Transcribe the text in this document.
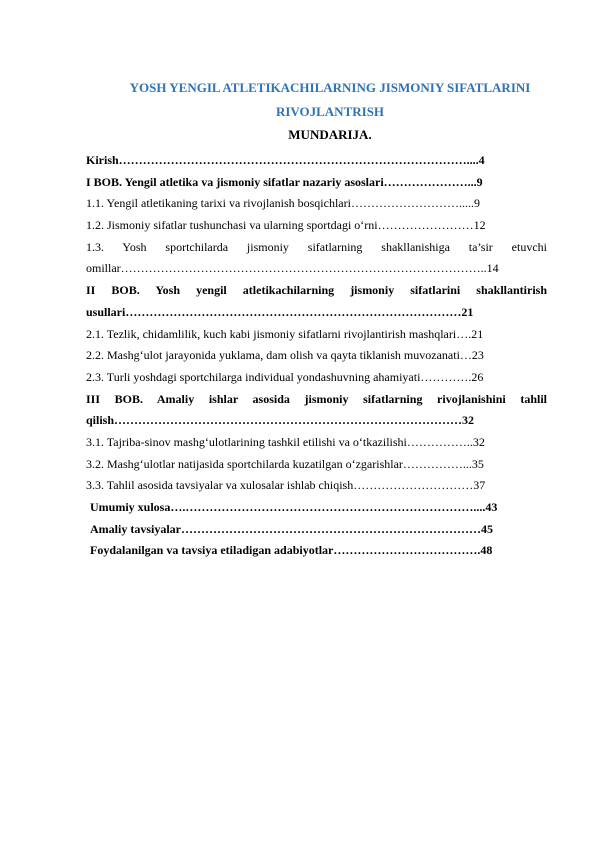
YOSH YENGIL ATLETIKACHILARNING JISMONIY SIFATLARINI
RIVOJLANTRISH
MUNDARIJA.
Kirish……………………………………………………………………………....4
I BOB. Yengil atletika va jismoniy sifatlar nazariy asoslari…………………...9
1.1. Yengil atletikaning tarixi va rivojlanish bosqichlari……………………….....9
1.2. Jismoniy sifatlar tushunchasi va ularning sportdagi o‘rni……………………12
1.3. Yosh sportchilarda jismoniy sifatlarning shakllanishiga ta’sir etuvchi
omillar………………………………………………………………………………..14
II BOB. Yosh yengil atletikachilarning jismoniy sifatlarini shakllantirish
usullari…………………………………………………………………………21
2.1. Tezlik, chidamlilik, kuch kabi jismoniy sifatlarni rivojlantirish mashqlari….21
2.2. Mashg‘ulot jarayonida yuklama, dam olish va qayta tiklanish muvozanati…23
2.3. Turli yoshdagi sportchilarga individual yondashuvning ahamiyati………….26
III BOB. Amaliy ishlar asosida jismoniy sifatlarning rivojlanishini tahlil
qilish……………………………………………………………………………32
3.1. Tajriba-sinov mashg‘ulotlarining tashkil etilishi va o‘tkazilishi……………..32
3.2. Mashg‘ulotlar natijasida sportchilarda kuzatilgan o‘zgarishlar……………...35
3.3. Tahlil asosida tavsiyalar va xulosalar ishlab chiqish…………………………37
Umumiy xulosa….………………………………………………………………....43
Amaliy tavsiyalar…………………………………………………………………45
Foydalanilgan va tavsiya etiladigan adabiyotlar……………………………….48
